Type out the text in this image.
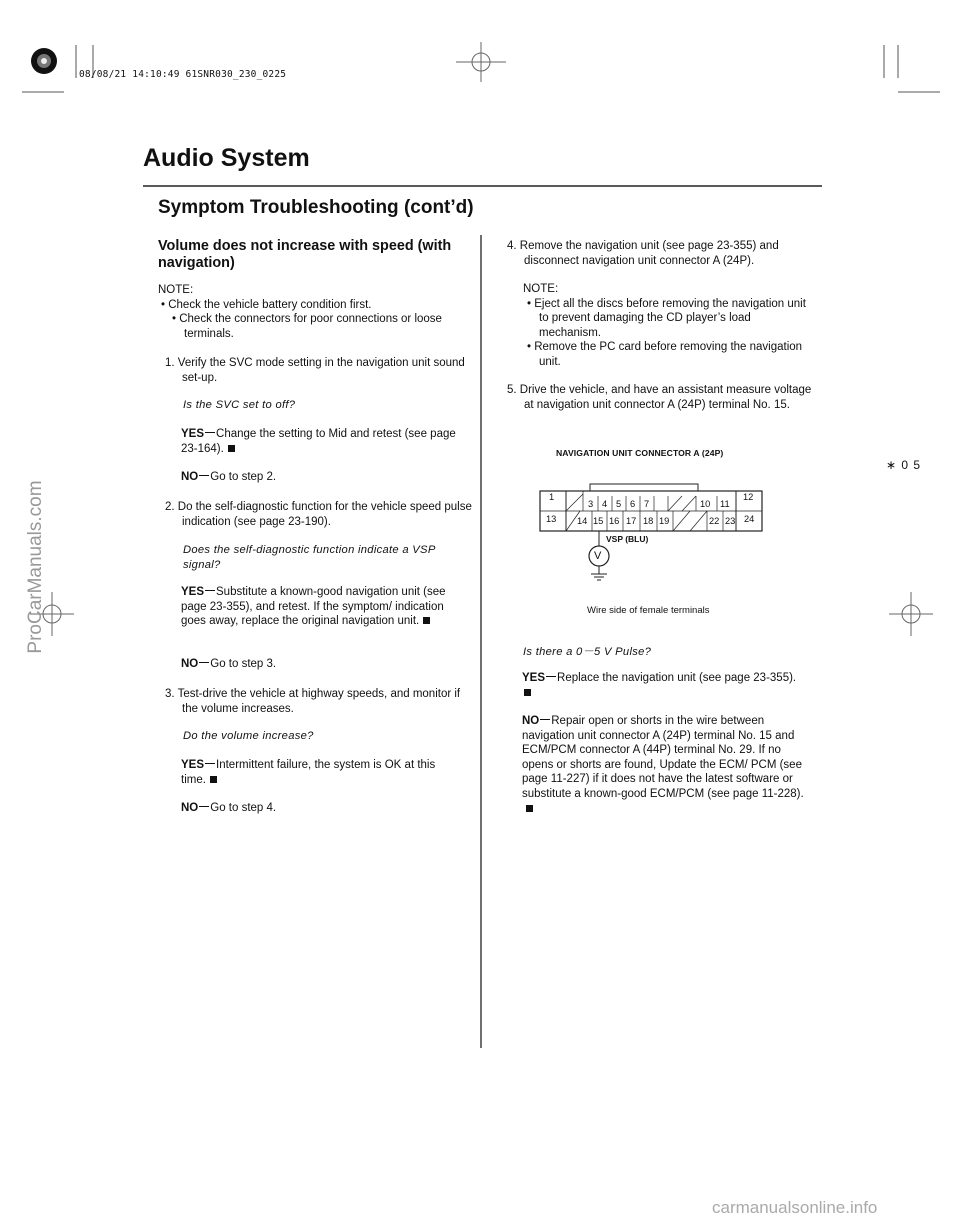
08/08/21 14:10:49 61SNR030_230_0225
Audio System
Symptom Troubleshooting (cont’d)
∗ 0 5
ProCarManuals.com
carmanualsonline.info
Volume does not increase with speed (with
navigation)
NOTE:
• Check the vehicle battery condition first.
• Check the connectors for poor connections or loose terminals.
1. Verify the SVC mode setting in the navigation unit sound set-up.
Is the SVC set to off?
YES Change the setting to Mid and retest (see page 23-164).
NO Go to step 2.
2. Do the self-diagnostic function for the vehicle speed pulse indication (see page 23-190).
Does the self-diagnostic function indicate a VSP
signal?
YES Substitute a known-good navigation unit (see page 23-355), and retest. If the symptom/ indication goes away, replace the original navigation unit.
NO Go to step 3.
3. Test-drive the vehicle at highway speeds, and monitor if the volume increases.
Do the volume increase?
YES Intermittent failure, the system is OK at this time.
NO Go to step 4.
4. Remove the navigation unit (see page 23-355) and disconnect navigation unit connector A (24P).
NOTE:
• Eject all the discs before removing the navigation unit to prevent damaging the CD player’s load mechanism.
• Remove the PC card before removing the navigation unit.
5. Drive the vehicle, and have an assistant measure voltage at navigation unit connector A (24P) terminal No. 15.
NAVIGATION UNIT CONNECTOR A (24P)
1
3 4 5 6 7	10 11
12
13 14 15 16 17 18 19	22 23 24
VSP (BLU)
V
Wire side of female terminals
Is there a 0－5 V Pulse?
YES Replace the navigation unit (see page 23-355).

NO Repair open or shorts in the wire between navigation unit connector A (24P) terminal No. 15 and ECM/PCM connector A (44P) terminal No. 29. If no opens or shorts are found, Update the ECM/ PCM (see page 11-227) if it does not have the latest software or substitute a known-good ECM/PCM (see page 11-228).
